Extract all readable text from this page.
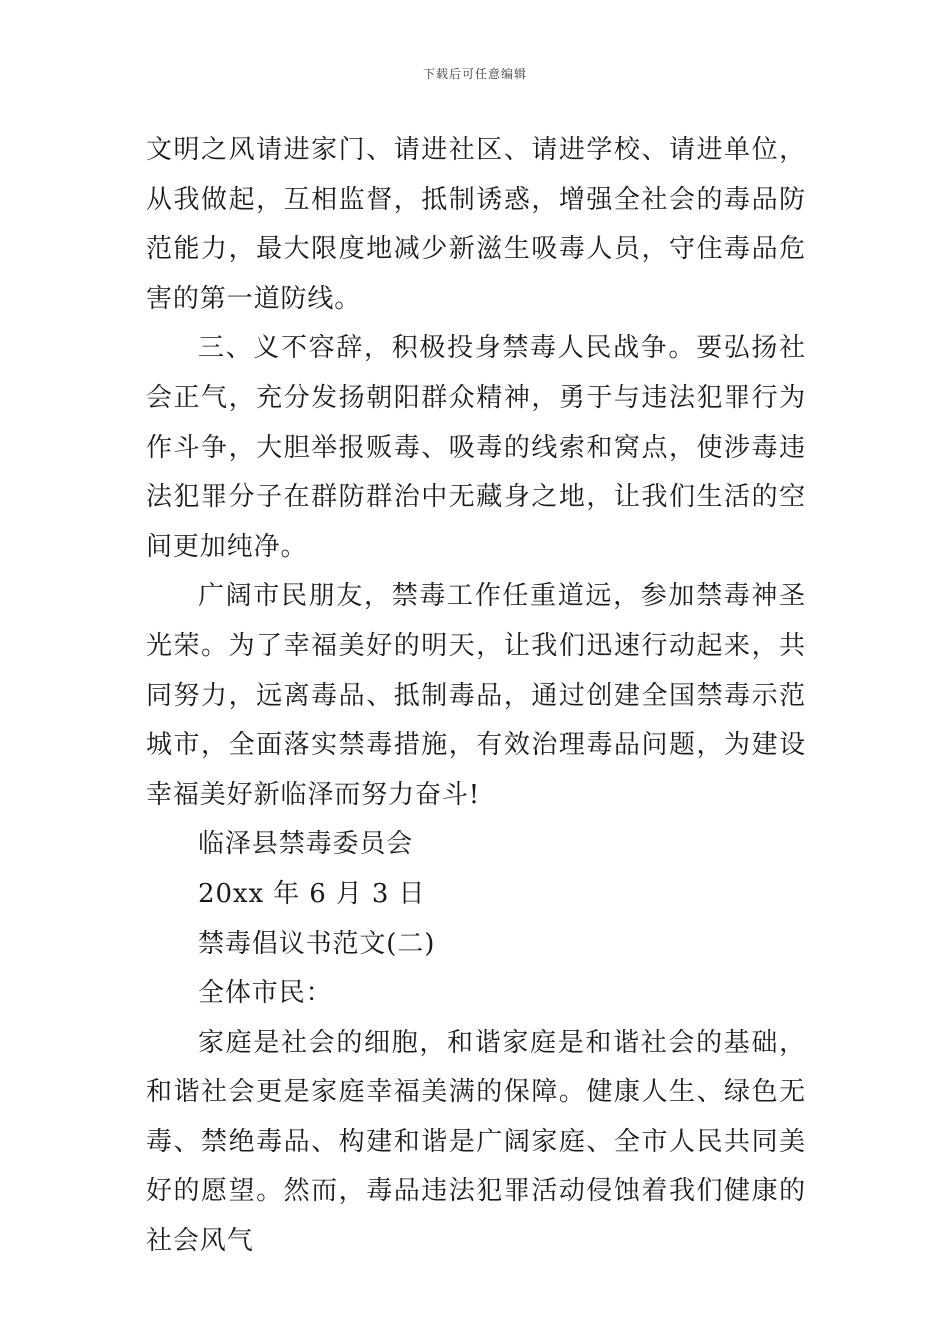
下载后可任意编辑

文明之风请进家门、请进社区、请进学校、请进单位，从我做起，互相监督，抵制诱惑，增强全社会的毒品防范能力，最大限度地减少新滋生吸毒人员，守住毒品危害的第一道防线。

三、义不容辞，积极投身禁毒人民战争。要弘扬社会正气，充分发扬朝阳群众精神，勇于与违法犯罪行为作斗争，大胆举报贩毒、吸毒的线索和窝点，使涉毒违法犯罪分子在群防群治中无藏身之地，让我们生活的空间更加纯净。

广阔市民朋友，禁毒工作任重道远，参加禁毒神圣光荣。为了幸福美好的明天，让我们迅速行动起来，共同努力，远离毒品、抵制毒品，通过创建全国禁毒示范城市，全面落实禁毒措施，有效治理毒品问题，为建设幸福美好新临泽而努力奋斗!

临泽县禁毒委员会

20xx 年 6 月 3 日

禁毒倡议书范文(二)

全体市民：

家庭是社会的细胞，和谐家庭是和谐社会的基础，和谐社会更是家庭幸福美满的保障。健康人生、绿色无毒、禁绝毒品、构建和谐是广阔家庭、全市人民共同美好的愿望。然而，毒品违法犯罪活动侵蚀着我们健康的社会风气
